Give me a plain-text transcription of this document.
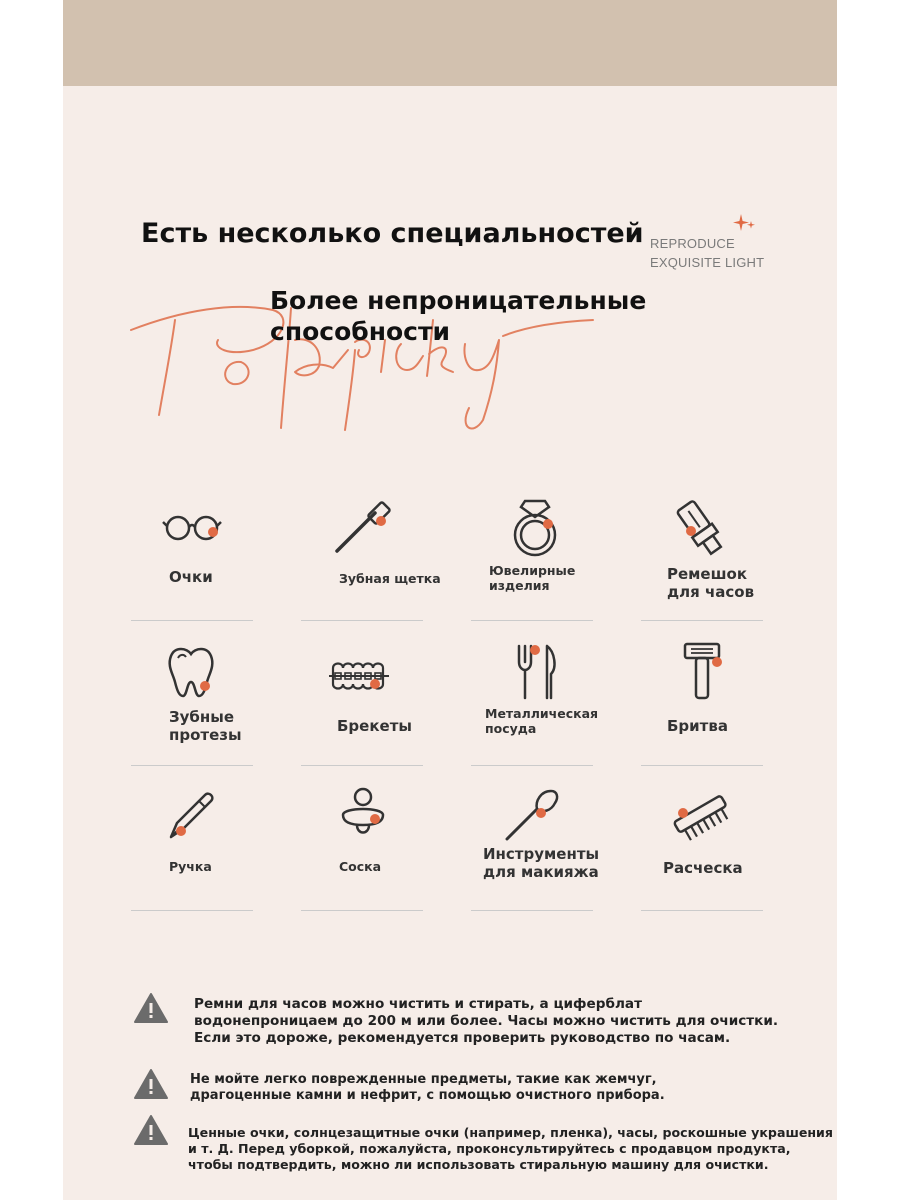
Есть несколько специальностей REPRODUCE
EXQUISITE LIGHT
Более непроницательные
способности
Очки	Зубная щетка
Ювелирные
изделия
Ремешок
для часов
Зубные
протезы	Брекеты
Металлическая
посуда	Бритва
Ручка	Соска
Инструменты
для макияжа	Расческа
Ремни для часов можно чистить и стирать, а циферблат
водонепроницаем до 200 м или более. Часы можно чистить для очистки.
Если это дороже, рекомендуется проверить руководство по часам.
Не мойте легко поврежденные предметы, такие как жемчуг,
драгоценные камни и нефрит, с помощью очистного прибора.
Ценные очки, солнцезащитные очки (например, пленка), часы, роскошные украшения
и т. Д. Перед уборкой, пожалуйста, проконсультируйтесь с продавцом продукта,
чтобы подтвердить, можно ли использовать стиральную машину для очистки.
